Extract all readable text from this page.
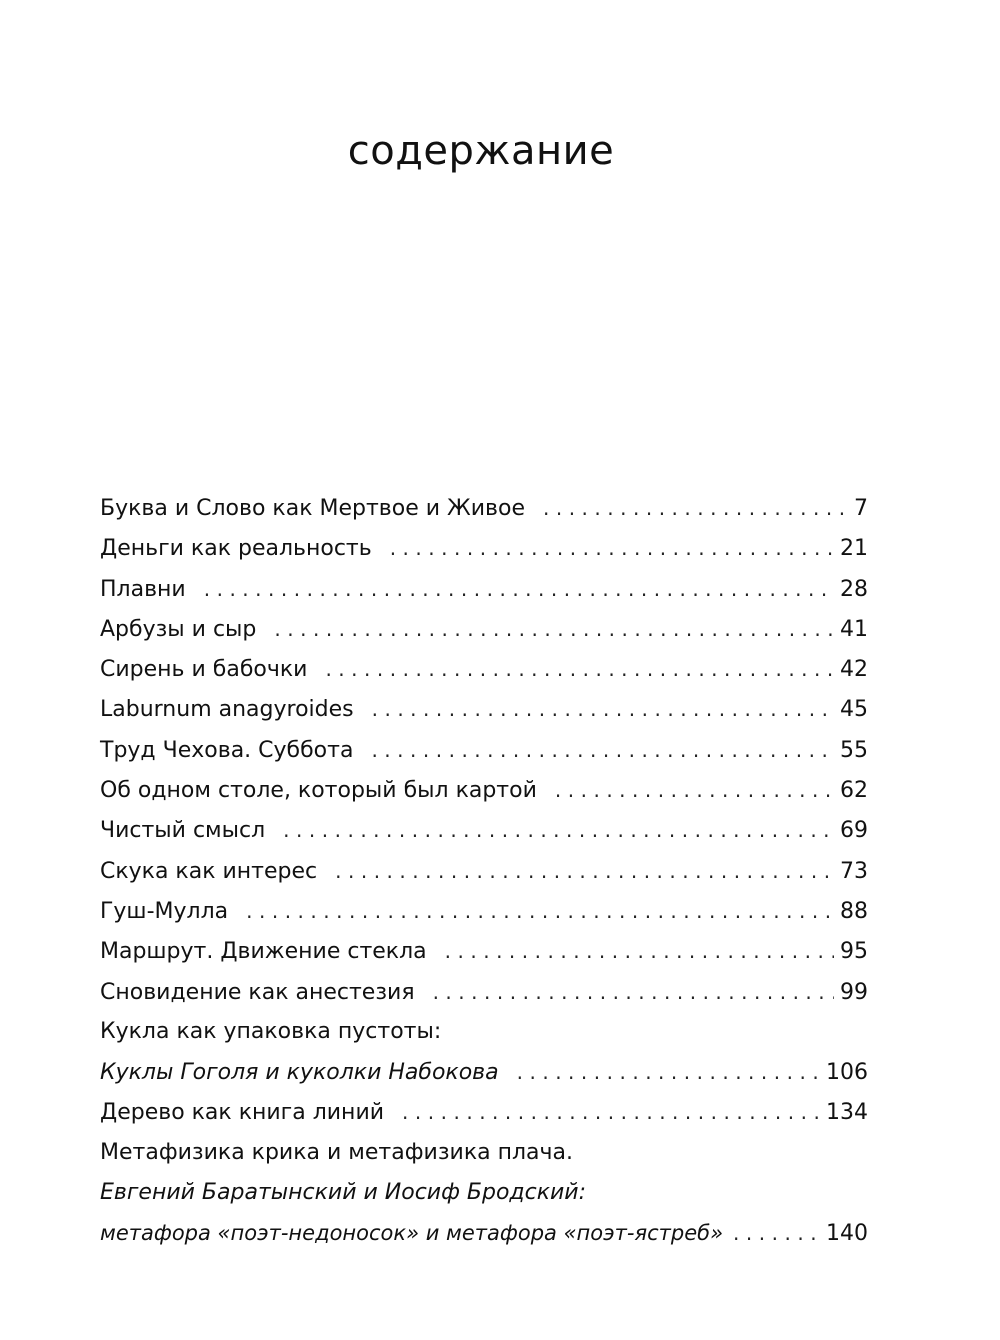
содержание
Буква и Слово как Мертвое и Живое .....	7
Деньги как реальность .....	21
Плавни .....	28
Арбузы и сыр .....	41
Сирень и бабочки .....	42
Laburnum anagyroides .....	45
Труд Чехова. Суббота .....	55
Об одном столе, который был картой .....	62
Чистый смысл .....	69
Скука как интерес .....	73
Гуш-Мулла .....	88
Маршрут. Движение стекла .....	95
Сновидение как анестезия .....	99
Кукла как упаковка пустоты:
Куклы Гоголя и куколки Набокова .....	106
Дерево как книга линий .....	134
Метафизика крика и метафизика плача.
Евгений Баратынский и Иосиф Бродский:
метафора «поэт-недоносок» и метафора «поэт-ястреб» .....	140
